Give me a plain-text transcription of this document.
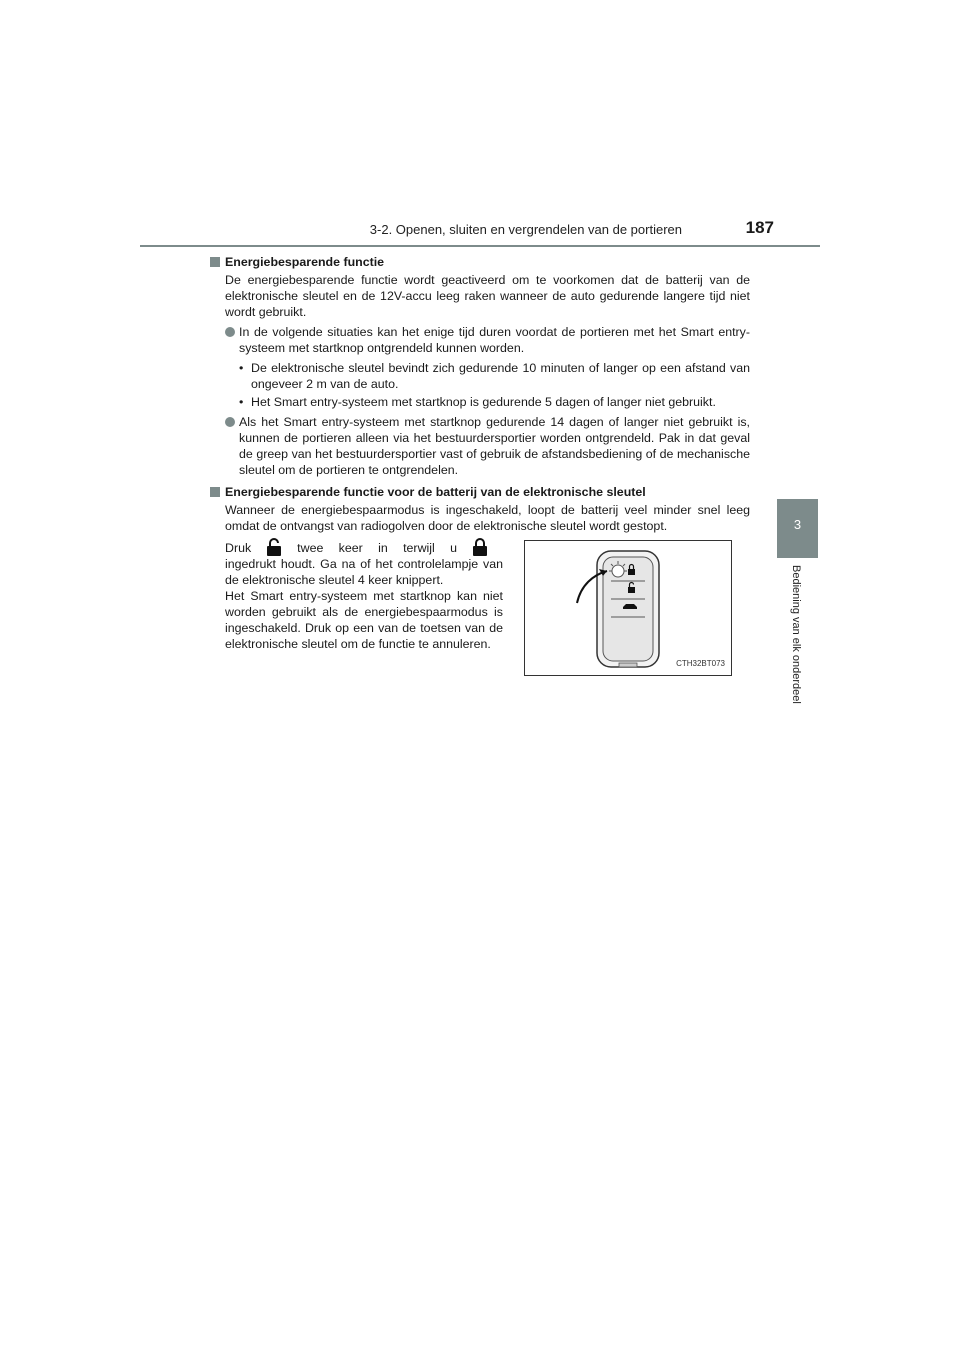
3-2. Openen, sluiten en vergrendelen van de portieren	187
3
Bediening van elk onderdeel
Energiebesparende functie
De energiebesparende functie wordt geactiveerd om te voorkomen dat de batterij van de elektronische sleutel en de 12V-accu leeg raken wanneer de auto gedurende langere tijd niet wordt gebruikt.
In de volgende situaties kan het enige tijd duren voordat de portieren met het Smart entry-systeem met startknop ontgrendeld kunnen worden.
• De elektronische sleutel bevindt zich gedurende 10 minuten of langer op een afstand van ongeveer 2 m van de auto.
• Het Smart entry-systeem met startknop is gedurende 5 dagen of langer niet gebruikt.
Als het Smart entry-systeem met startknop gedurende 14 dagen of langer niet gebruikt is, kunnen de portieren alleen via het bestuurdersportier worden ontgrendeld. Pak in dat geval de greep van het bestuurdersportier vast of gebruik de afstandsbediening of de mechanische sleutel om de portieren te ontgrendelen.
Energiebesparende functie voor de batterij van de elektronische sleutel
Wanneer de energiebespaarmodus is ingeschakeld, loopt de batterij veel minder snel leeg omdat de ontvangst van radiogolven door de elektronische sleutel wordt gestopt.
Druk	twee keer in terwijl uingedrukt houdt. Ga na of het controlelampje van de elektronische sleutel 4 keer knippert.
Het Smart entry-systeem met startknop kan niet worden gebruikt als de energiebespaarmodus is ingeschakeld. Druk op een van de toetsen van de elektronische sleutel om de functie te annuleren.
CTH32BT073
